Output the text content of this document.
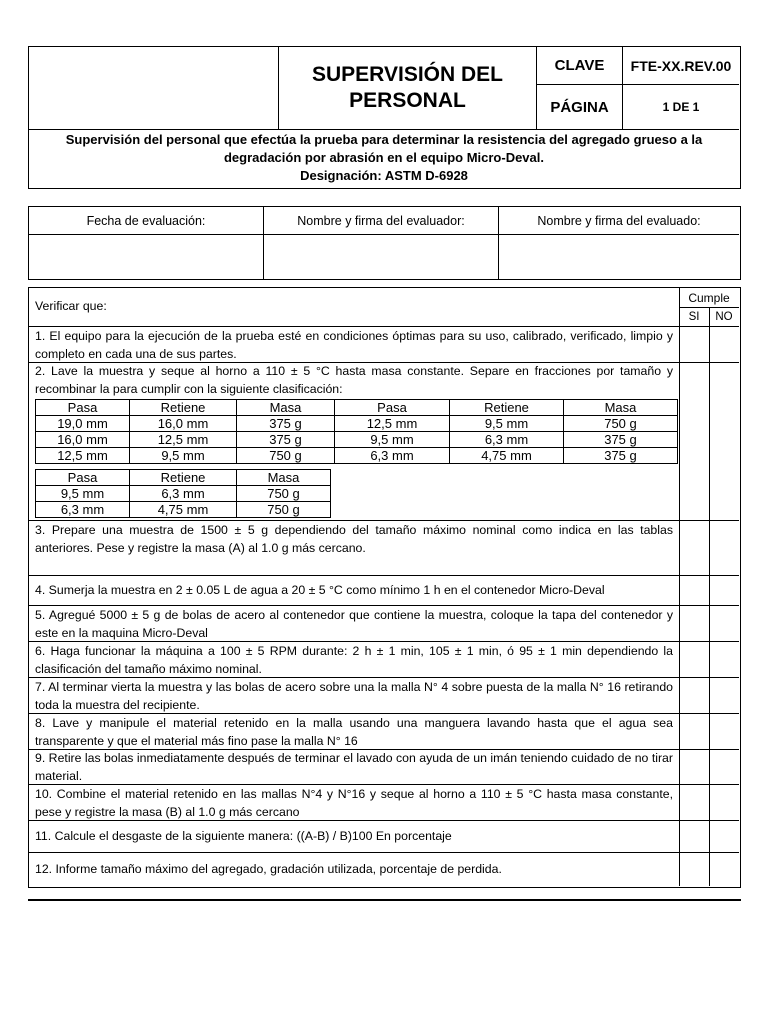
SUPERVISIÓN DEL
PERSONAL
CLAVE	FTE-XX.REV.00
PÁGINA	1 DE 1
Supervisión del personal que efectúa la prueba para determinar la resistencia del agregado grueso a la
degradación por abrasión en el equipo Micro-Deval.
Designación: ASTM D-6928
Fecha de evaluación:	Nombre y firma del evaluador:	Nombre y firma del evaluado:
Cumple
SI	NO
Verificar que:
1. El equipo para la ejecución de la prueba esté en condiciones óptimas para su uso, calibrado, verificado, limpio y completo en cada una de sus partes.
2. Lave la muestra y seque al horno a 110 ± 5 °C hasta masa constante. Separe en fracciones por tamaño y recombinar la para cumplir con la siguiente clasificación:
Pasa	Retiene	Masa	Pasa	Retiene	Masa
19,0 mm	16,0 mm	375 g	12,5 mm	9,5 mm	750 g
16,0 mm	12,5 mm	375 g	9,5 mm	6,3 mm	375 g
12,5 mm	9,5 mm	750 g	6,3 mm	4,75 mm	375 g
Pasa	Retiene	Masa
9,5 mm	6,3 mm	750 g
6,3 mm	4,75 mm	750 g
3. Prepare una muestra de 1500 ± 5 g dependiendo del tamaño máximo nominal como indica en las tablas anteriores. Pese y registre la masa (A) al 1.0 g más cercano.
4. Sumerja la muestra en 2 ± 0.05 L de agua a 20 ± 5 °C como mínimo 1 h en el contenedor Micro-Deval
5. Agregué 5000 ± 5 g de bolas de acero al contenedor que contiene la muestra, coloque la tapa del contenedor y este en la maquina Micro-Deval
6. Haga funcionar la máquina a 100 ± 5 RPM durante: 2 h ± 1 min, 105 ± 1 min, ó 95 ± 1 min dependiendo la clasificación del tamaño máximo nominal.
7. Al terminar vierta la muestra y las bolas de acero sobre una la malla N° 4 sobre puesta de la malla N° 16 retirando toda la muestra del recipiente.
8. Lave y manipule el material retenido en la malla usando una manguera lavando hasta que el agua sea transparente y que el material más fino pase la malla N° 16
9. Retire las bolas inmediatamente después de terminar el lavado con ayuda de un imán teniendo cuidado de no tirar material.
10. Combine el material retenido en las mallas N°4 y N°16 y seque al horno a 110 ± 5 °C hasta masa constante, pese y registre la masa (B) al 1.0 g más cercano
11. Calcule el desgaste de la siguiente manera: ((A-B) / B)100 En porcentaje
12. Informe tamaño máximo del agregado, gradación utilizada, porcentaje de perdida.
